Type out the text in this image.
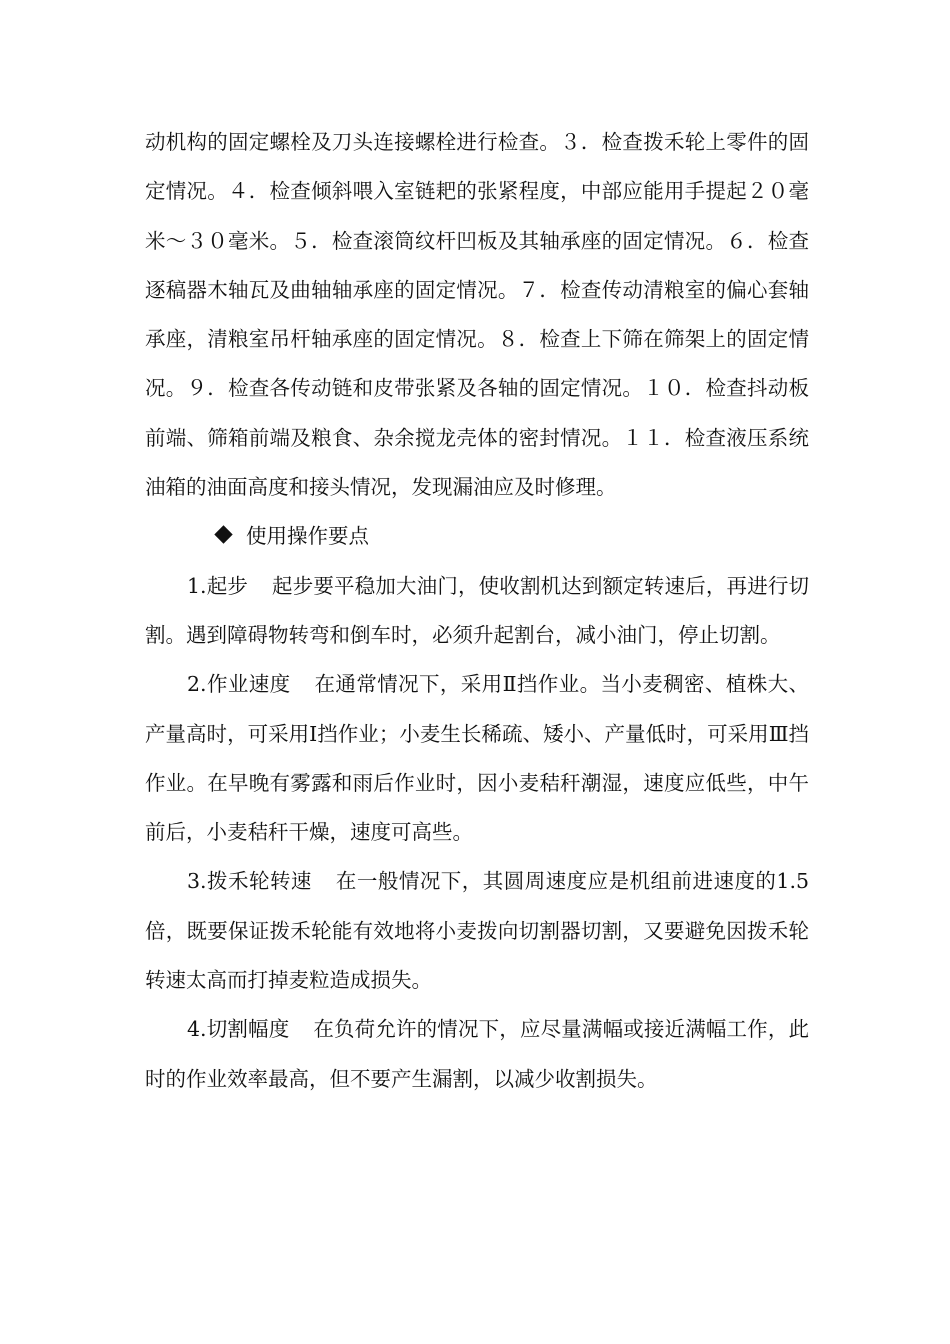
动机构的固定螺栓及刀头连接螺栓进行检查。３．检查拨禾轮上零件的固定情况。４．检查倾斜喂入室链耙的张紧程度，中部应能用手提起２０毫米～３０毫米。５．检查滚筒纹杆凹板及其轴承座的固定情况。６．检查逐稿器木轴瓦及曲轴轴承座的固定情况。７．检查传动清粮室的偏心套轴承座，清粮室吊杆轴承座的固定情况。８．检查上下筛在筛架上的固定情况。９．检查各传动链和皮带张紧及各轴的固定情况。１０．检查抖动板前端、筛箱前端及粮食、杂余搅龙壳体的密封情况。１１．检查液压系统油箱的油面高度和接头情况，发现漏油应及时修理。

使用操作要点

1.起步 起步要平稳加大油门，使收割机达到额定转速后，再进行切割。遇到障碍物转弯和倒车时，必须升起割台，减小油门，停止切割。

2.作业速度 在通常情况下，采用Ⅱ挡作业。当小麦稠密、植株大、产量高时，可采用Ⅰ挡作业；小麦生长稀疏、矮小、产量低时，可采用Ⅲ挡作业。在早晚有雾露和雨后作业时，因小麦秸秆潮湿，速度应低些，中午前后，小麦秸秆干燥，速度可高些。

3.拨禾轮转速 在一般情况下，其圆周速度应是机组前进速度的1.5 倍，既要保证拨禾轮能有效地将小麦拨向切割器切割，又要避免因拨禾轮转速太高而打掉麦粒造成损失。

4.切割幅度 在负荷允许的情况下，应尽量满幅或接近满幅工作，此时的作业效率最高，但不要产生漏割，以减少收割损失。
